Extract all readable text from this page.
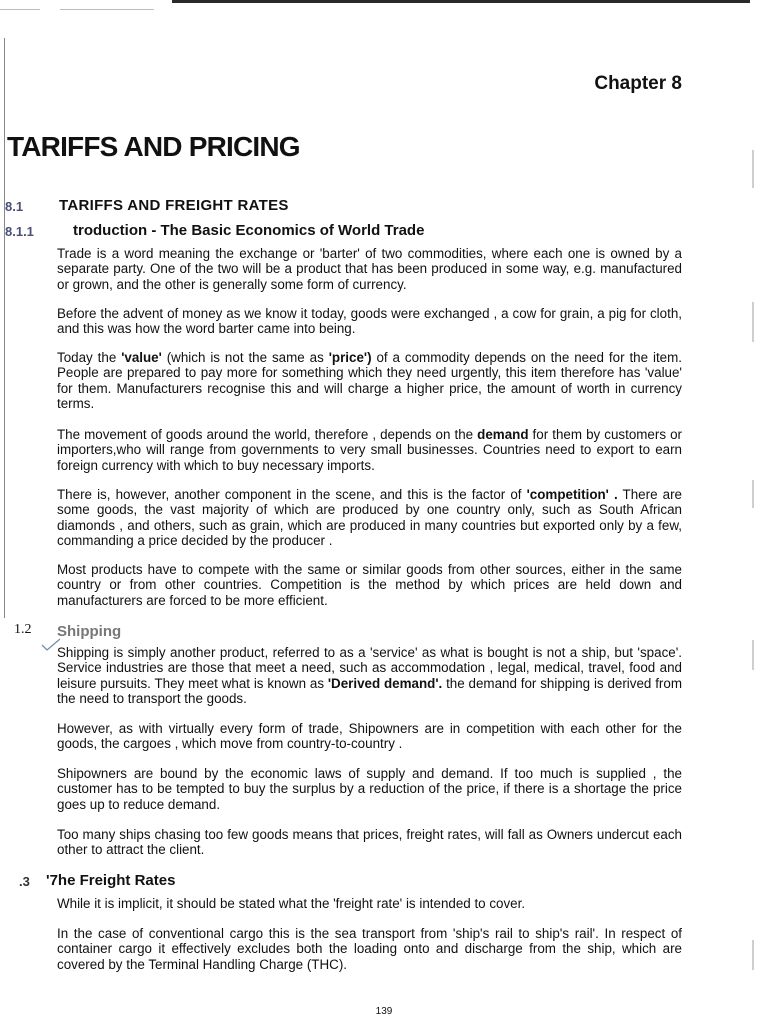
Chapter 8
TARIFFS AND PRICING
8.1 TARIFFS AND FREIGHT RATES
8.1.1	troduction - The Basic Economics of World Trade

Trade is a word meaning the exchange or 'barter' of two commodities, where each one is owned by a separate party. One of the two will be a product that has been produced in some way, e.g. manufactured or grown, and the other is generally some form of currency.

Before the advent of money as we know it today, goods were exchanged , a cow for grain, a pig for cloth, and this was how the word barter came into being.

Today the 'value' (which is not the same as 'price') of a commodity depends on the need for the item. People are prepared to pay more for something which they need urgently, this item therefore has 'value' for them. Manufacturers recognise this and will charge a higher price, the amount of worth in currency terms.

The movement of goods around the world, therefore , depends on the demand for them by customers or importers,who will range from governments to very small businesses. Countries need to export to earn foreign currency with which to buy necessary imports.

There is, however, another component in the scene, and this is the factor of 'competition' . There are some goods, the vast majority of which are produced by one country only, such as South African diamonds , and others, such as grain, which are produced in many countries but exported only by a few, commanding a price decided by the producer .

Most products have to compete with the same or similar goods from other sources, either in the same country or from other countries. Competition is the method by which prices are held down and manufacturers are forced to be more efficient.

1.2 Shipping

Shipping is simply another product, referred to as a 'service' as what is bought is not a ship, but 'space'. Service industries are those that meet a need, such as accommodation , legal, medical, travel, food and leisure pursuits. They meet what is known as 'Derived demand'. the demand for shipping is derived from the need to transport the goods.

However, as with virtually every form of trade, Shipowners are in competition with each other for the goods, the cargoes , which move from country-to-country .

Shipowners are bound by the economic laws of supply and demand. If too much is supplied , the customer has to be tempted to buy the surplus by a reduction of the price, if there is a shortage the price goes up to reduce demand.

Too many ships chasing too few goods means that prices, freight rates, will fall as Owners undercut each other to attract the client.

.3 '7he Freight Rates

While it is implicit, it should be stated what the 'freight rate' is intended to cover.

In the case of conventional cargo this is the sea transport from 'ship's rail to ship's rail'. In respect of container cargo it effectively excludes both the loading onto and discharge from the ship, which are covered by the Terminal Handling Charge (THC).

139
